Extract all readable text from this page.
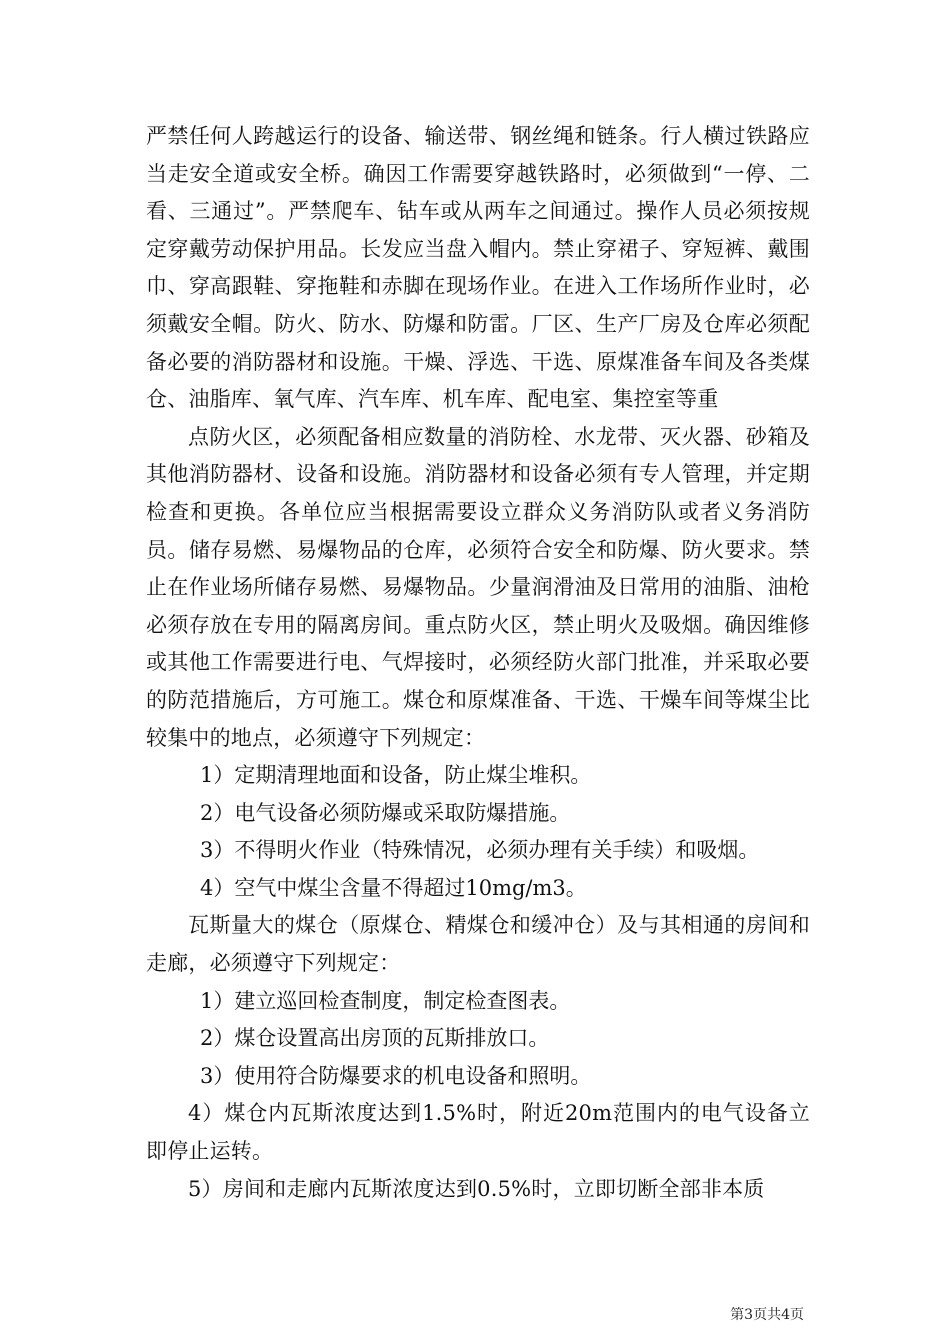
严禁任何人跨越运行的设备、输送带、钢丝绳和链条。行人横过铁路应当走安全道或安全桥。确因工作需要穿越铁路时，必须做到“一停、二看、三通过”。严禁爬车、钻车或从两车之间通过。操作人员必须按规定穿戴劳动保护用品。长发应当盘入帽内。禁止穿裙子、穿短裤、戴围巾、穿高跟鞋、穿拖鞋和赤脚在现场作业。在进入工作场所作业时，必须戴安全帽。防火、防水、防爆和防雷。厂区、生产厂房及仓库必须配备必要的消防器材和设施。干燥、浮选、干选、原煤准备车间及各类煤仓、油脂库、氧气库、汽车库、机车库、配电室、集控室等重

点防火区，必须配备相应数量的消防栓、水龙带、灭火器、砂箱及其他消防器材、设备和设施。消防器材和设备必须有专人管理，并定期检查和更换。各单位应当根据需要设立群众义务消防队或者义务消防员。储存易燃、易爆物品的仓库，必须符合安全和防爆、防火要求。禁止在作业场所储存易燃、易爆物品。少量润滑油及日常用的油脂、油枪必须存放在专用的隔离房间。重点防火区，禁止明火及吸烟。确因维修或其他工作需要进行电、气焊接时，必须经防火部门批准，并采取必要的防范措施后，方可施工。煤仓和原煤准备、干选、干燥车间等煤尘比较集中的地点，必须遵守下列规定：

1）定期清理地面和设备，防止煤尘堆积。

2）电气设备必须防爆或采取防爆措施。

3）不得明火作业（特殊情况，必须办理有关手续）和吸烟。

4）空气中煤尘含量不得超过10mg/m3。

瓦斯量大的煤仓（原煤仓、精煤仓和缓冲仓）及与其相通的房间和走廊，必须遵守下列规定：

1）建立巡回检查制度，制定检查图表。

2）煤仓设置高出房顶的瓦斯排放口。

3）使用符合防爆要求的机电设备和照明。

4）煤仓内瓦斯浓度达到1.5%时，附近20m范围内的电气设备立即停止运转。

5）房间和走廊内瓦斯浓度达到0.5%时，立即切断全部非本质

第3页共4页
